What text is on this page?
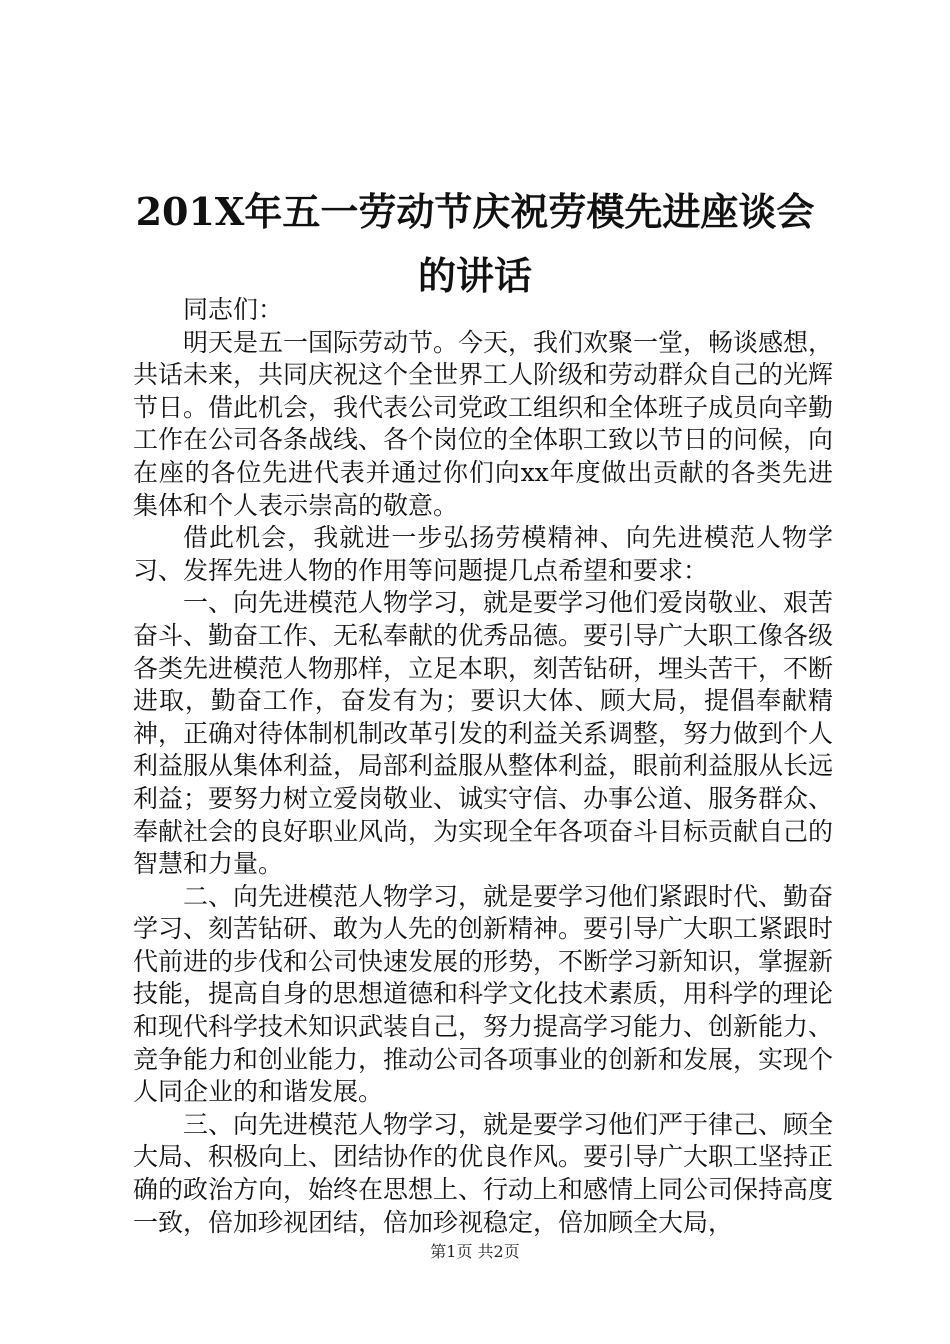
201X年五一劳动节庆祝劳模先进座谈会的讲话

同志们：

明天是五一国际劳动节。今天，我们欢聚一堂，畅谈感想，共话未来，共同庆祝这个全世界工人阶级和劳动群众自己的光辉节日。借此机会，我代表公司党政工组织和全体班子成员向辛勤工作在公司各条战线、各个岗位的全体职工致以节日的问候，向在座的各位先进代表并通过你们向xx年度做出贡献的各类先进集体和个人表示崇高的敬意。

借此机会，我就进一步弘扬劳模精神、向先进模范人物学习、发挥先进人物的作用等问题提几点希望和要求：

一、向先进模范人物学习，就是要学习他们爱岗敬业、艰苦奋斗、勤奋工作、无私奉献的优秀品德。要引导广大职工像各级各类先进模范人物那样，立足本职，刻苦钻研，埋头苦干，不断进取，勤奋工作，奋发有为；要识大体、顾大局，提倡奉献精神，正确对待体制机制改革引发的利益关系调整，努力做到个人利益服从集体利益，局部利益服从整体利益，眼前利益服从长远利益；要努力树立爱岗敬业、诚实守信、办事公道、服务群众、奉献社会的良好职业风尚，为实现全年各项奋斗目标贡献自己的智慧和力量。

二、向先进模范人物学习，就是要学习他们紧跟时代、勤奋学习、刻苦钻研、敢为人先的创新精神。要引导广大职工紧跟时代前进的步伐和公司快速发展的形势，不断学习新知识，掌握新技能，提高自身的思想道德和科学文化技术素质，用科学的理论和现代科学技术知识武装自己，努力提高学习能力、创新能力、竞争能力和创业能力，推动公司各项事业的创新和发展，实现个人同企业的和谐发展。

三、向先进模范人物学习，就是要学习他们严于律己、顾全大局、积极向上、团结协作的优良作风。要引导广大职工坚持正确的政治方向，始终在思想上、行动上和感情上同公司保持高度一致，倍加珍视团结，倍加珍视稳定，倍加顾全大局，

第1页 共2页
